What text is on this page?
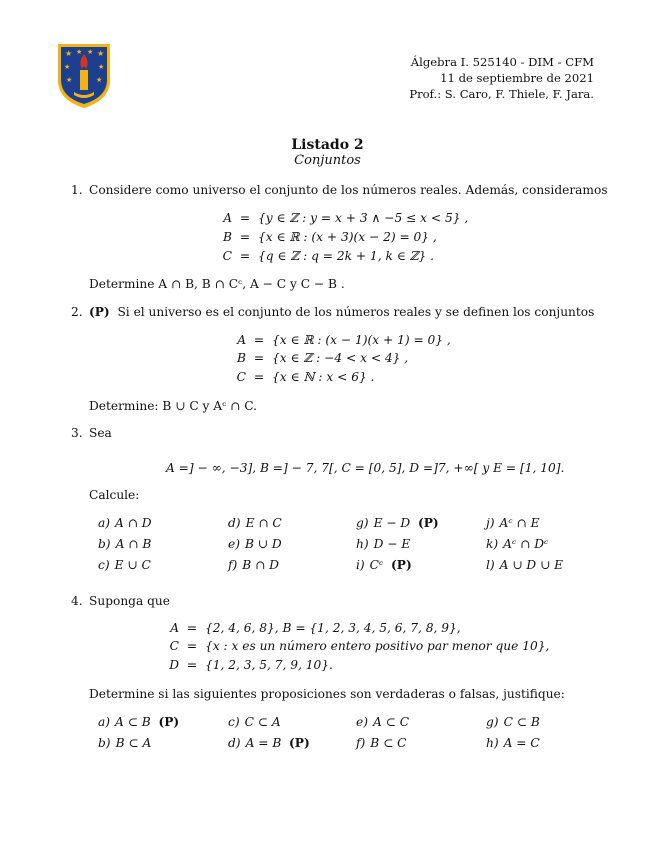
★ ★ ★ ★
★	★
★	★
Álgebra I. 525140 - DIM - CFM
11 de septiembre de 2021
Prof.: S. Caro, F. Thiele, F. Jara.
Listado 2
Conjuntos
1. Considere como universo el conjunto de los números reales. Además, consideramos
A = {y ∈ ℤ : y = x + 3 ∧ −5 ≤ x < 5} ,
B = {x ∈ ℝ : (x + 3)(x − 2) = 0} ,
C = {q ∈ ℤ : q = 2k + 1, k ∈ ℤ} .
Determine A ∩ B, B ∩ Cᶜ, A − C y C − B .
2. (P) Si el universo es el conjunto de los números reales y se definen los conjuntos
A = {x ∈ ℝ : (x − 1)(x + 1) = 0} ,
B = {x ∈ ℤ : −4 < x < 4} ,
C = {x ∈ ℕ : x < 6} .
Determine: B ∪ C y Aᶜ ∩ C.
3. Sea
A =] − ∞, −3], B =] − 7, 7[, C = [0, 5], D =]7, +∞[ y E = [1, 10].
Calcule:
a) A ∩ D
b) A ∩ B
c) E ∪ C
d) E ∩ C
e) B ∪ D
f) B ∩ D
g) E − D (P)
h) D − E
i) Cᶜ (P)
j) Aᶜ ∩ E
k) Aᶜ ∩ Dᶜ
l) A ∪ D ∪ E
4. Suponga que
A = {2, 4, 6, 8}, B = {1, 2, 3, 4, 5, 6, 7, 8, 9},
C = {x : x es un número entero positivo par menor que 10},
D = {1, 2, 3, 5, 7, 9, 10}.
Determine si las siguientes proposiciones son verdaderas o falsas, justifique:
a) A ⊂ B (P)
b) B ⊂ A
c) C ⊂ A
d) A = B (P)
e) A ⊂ C
f) B ⊂ C
g) C ⊂ B
h) A = C
